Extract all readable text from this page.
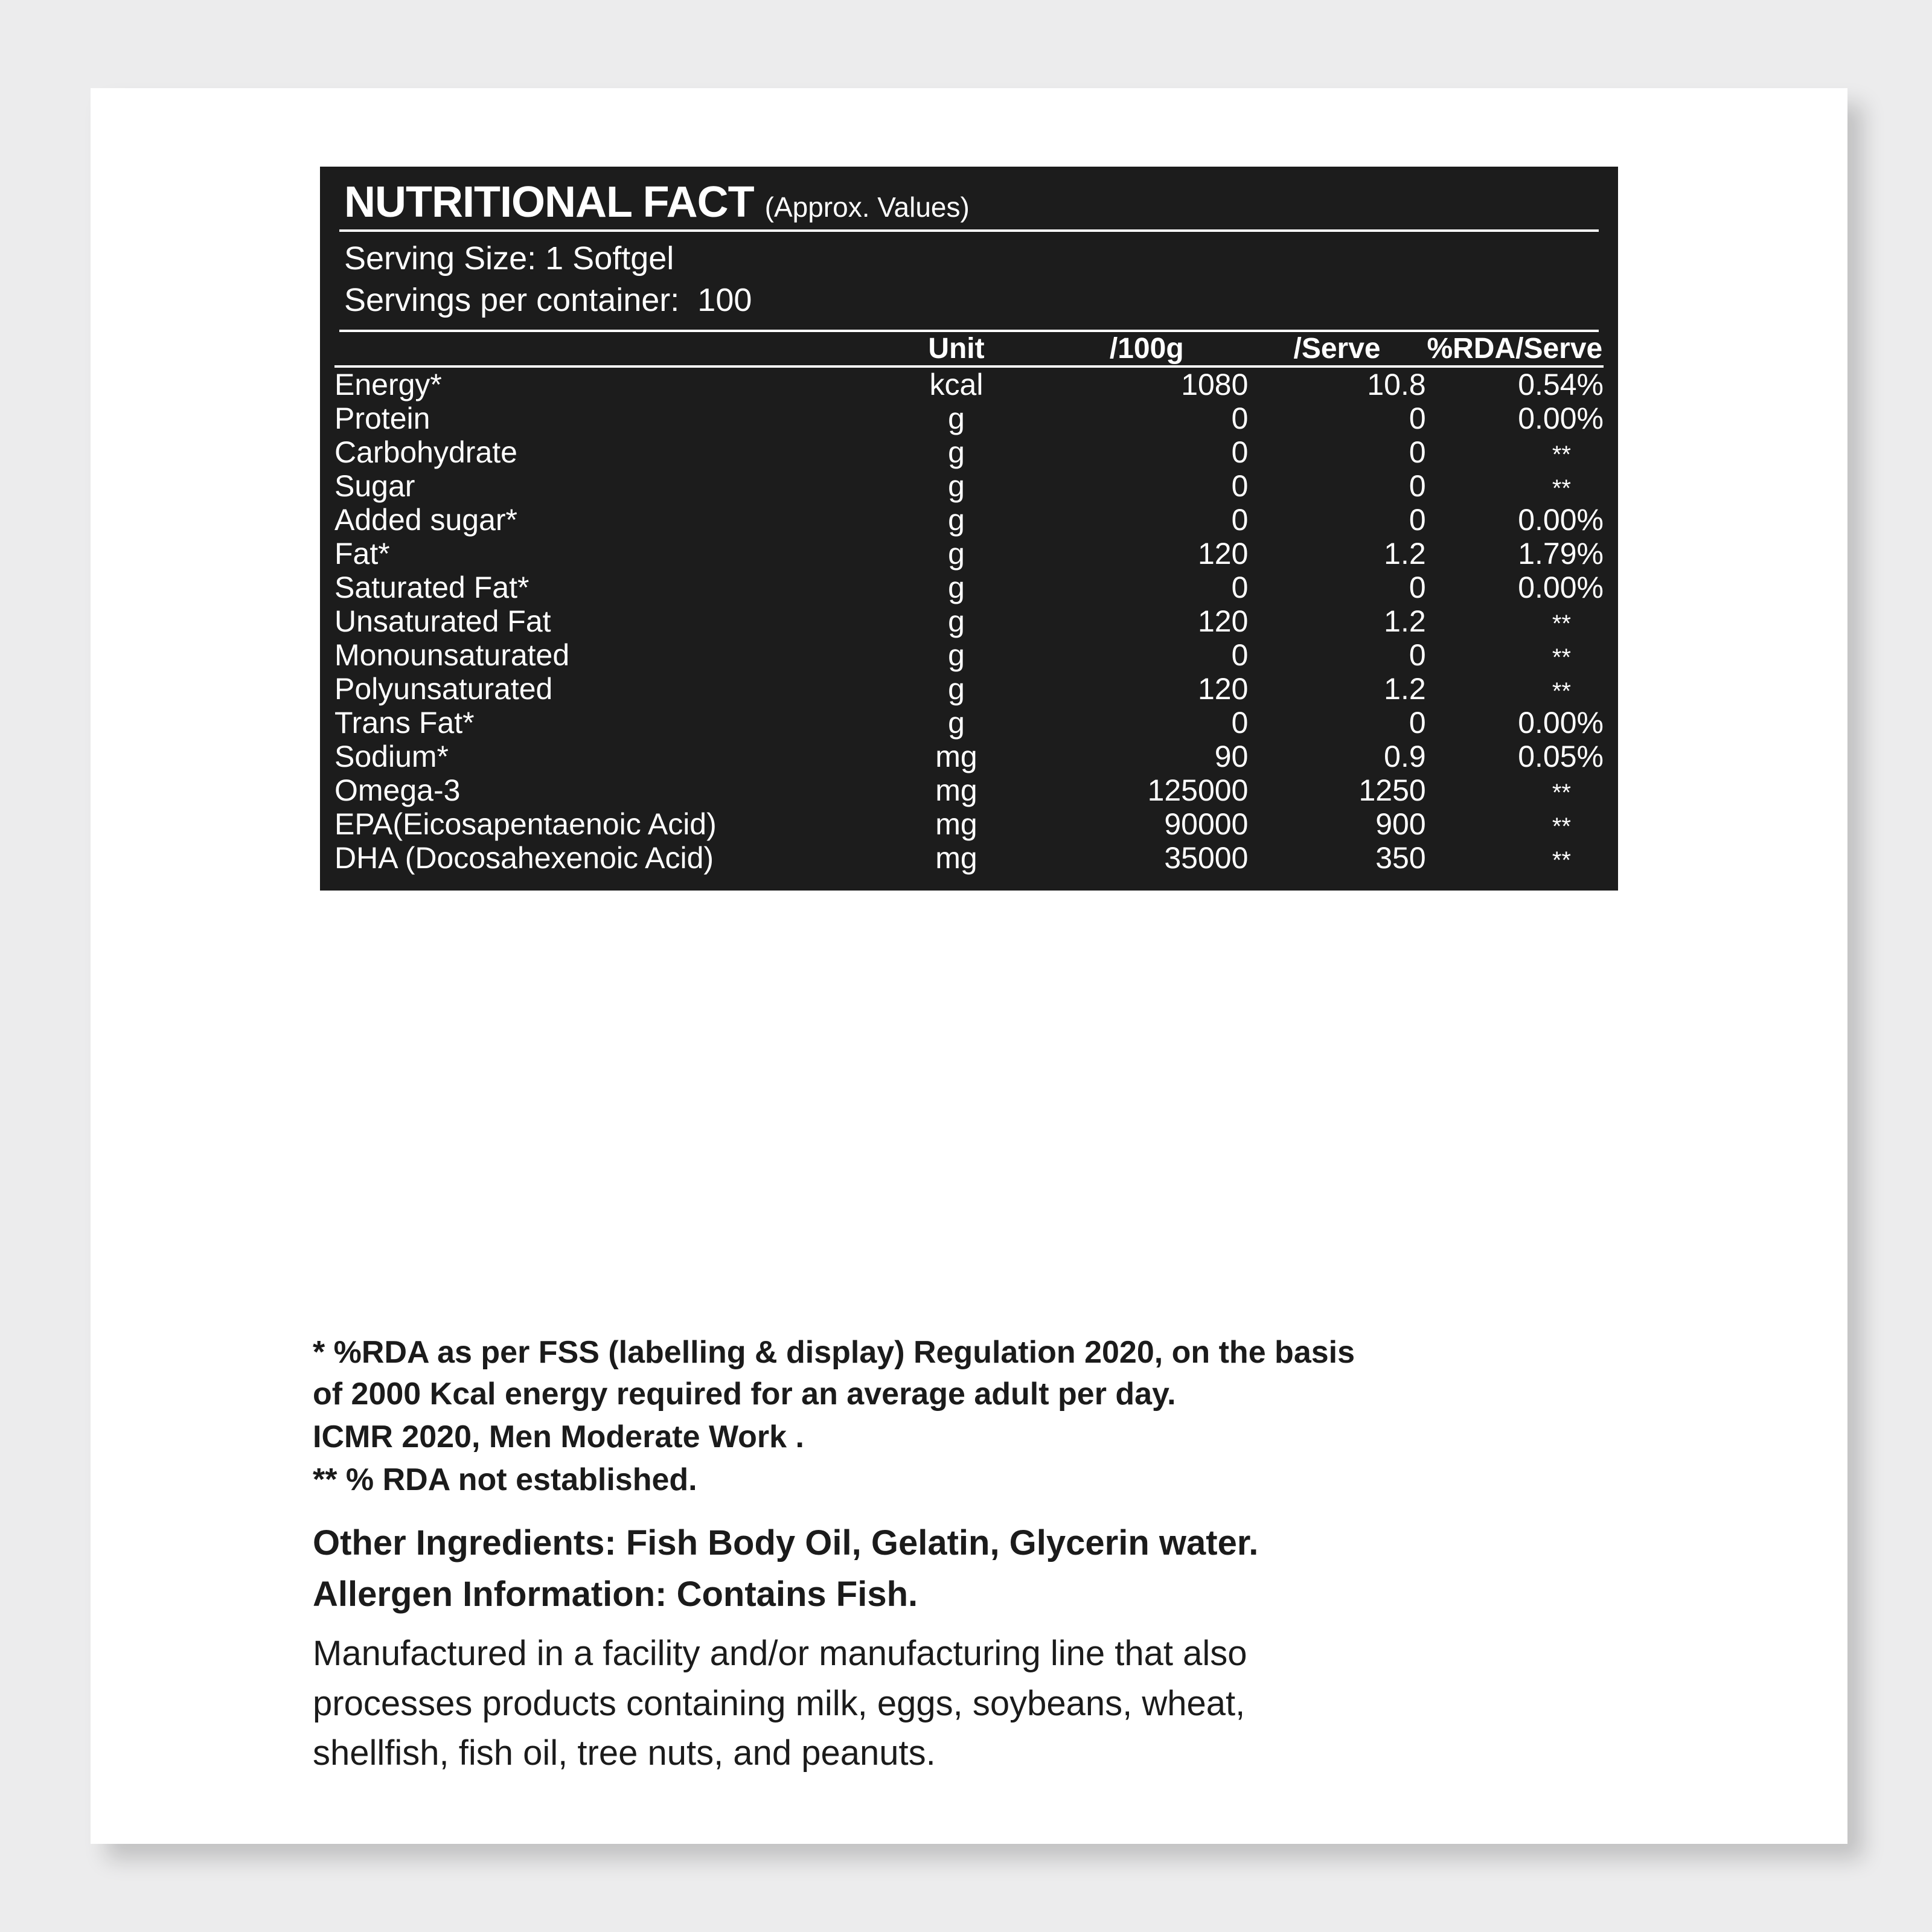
NUTRITIONAL FACT (Approx. Values)
Serving Size: 1 Softgel
Servings per container:  100
	Unit	/100g	/Serve	%RDA/Serve
Energy*	kcal	1080	10.8	0.54%
Protein	g	0	0	0.00%
Carbohydrate	g	0	0	**
Sugar	g	0	0	**
Added sugar*	g	0	0	0.00%
Fat*	g	120	1.2	1.79%
Saturated Fat*	g	0	0	0.00%
Unsaturated Fat	g	120	1.2	**
Monounsaturated	g	0	0	**
Polyunsaturated	g	120	1.2	**
Trans Fat*	g	0	0	0.00%
Sodium*	mg	90	0.9	0.05%
Omega-3	mg	125000	1250	**
EPA(Eicosapentaenoic Acid)	mg	90000	900	**
DHA (Docosahexenoic Acid)	mg	35000	350	**

* %RDA as per FSS (labelling & display) Regulation 2020, on the basis

of 2000 Kcal energy required for an average adult per day.

ICMR 2020, Men Moderate Work .

** % RDA not established.

Other Ingredients: Fish Body Oil, Gelatin, Glycerin water.

Allergen Information: Contains Fish.

Manufactured in a facility and/or manufacturing line that also

processes products containing milk, eggs, soybeans, wheat,

shellfish, fish oil, tree nuts, and peanuts.
